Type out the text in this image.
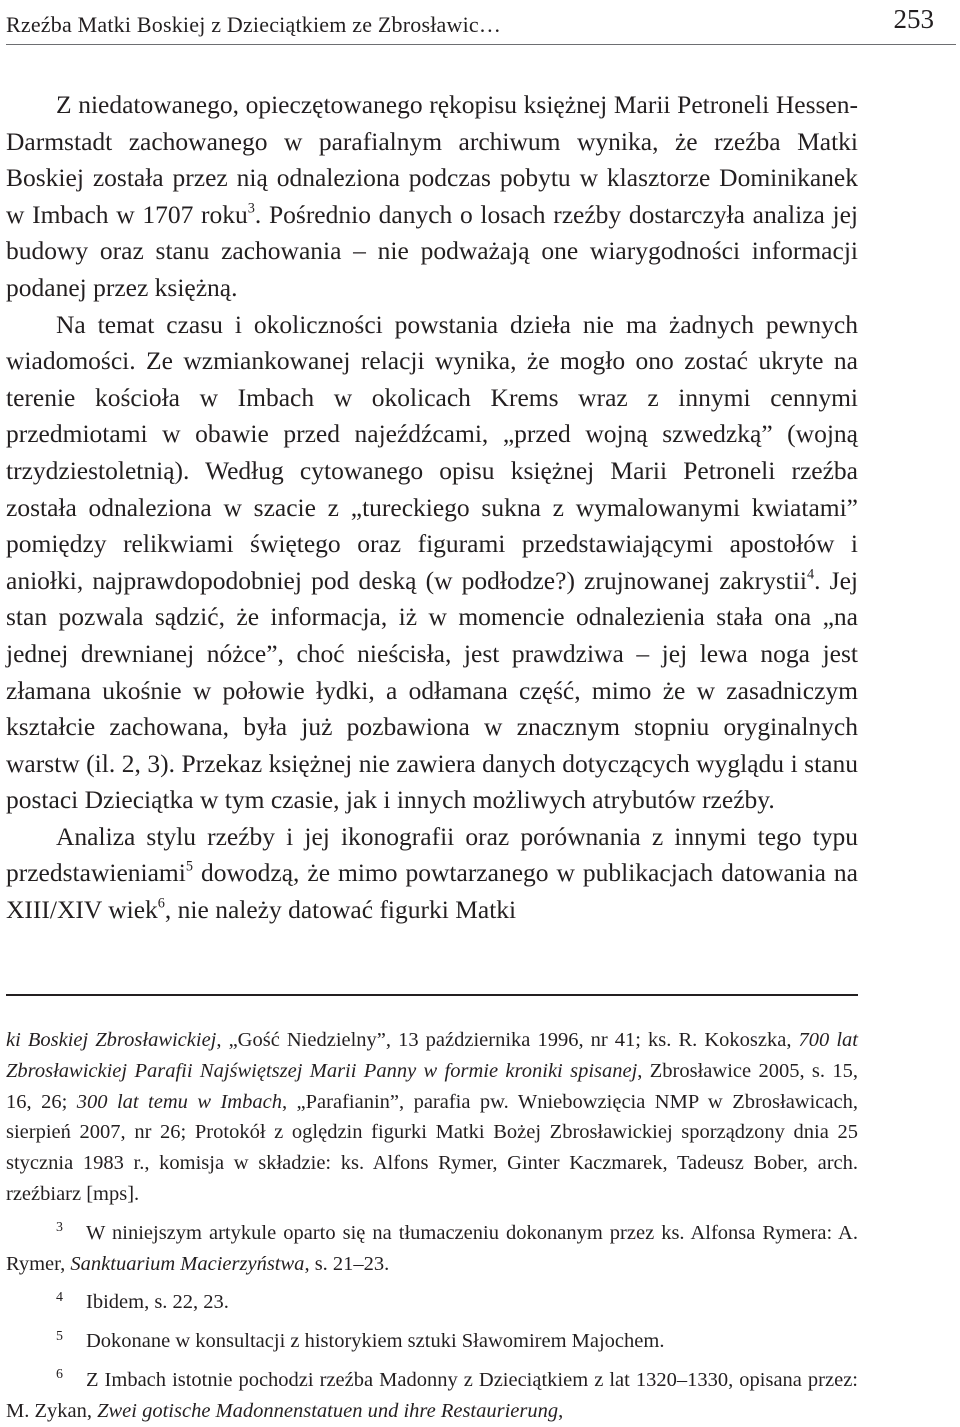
Rzeźba Matki Boskiej z Dzieciątkiem ze Zbrosławic…	253

Z niedatowanego, opieczętowanego rękopisu księżnej Marii Petroneli Hessen-Darmstadt zachowanego w parafialnym archiwum wynika, że rzeźba Matki Boskiej została przez nią odnaleziona podczas pobytu w klasztorze Dominikanek w Imbach w 1707 roku$^3$. Pośrednio danych o losach rzeźby dostarczyła analiza jej budowy oraz stanu zachowania – nie podważają one wiarygodności informacji podanej przez księżną.

Na temat czasu i okoliczności powstania dzieła nie ma żadnych pewnych wiadomości. Ze wzmiankowanej relacji wynika, że mogło ono zostać ukryte na terenie kościoła w Imbach w okolicach Krems wraz z innymi cennymi przedmiotami w obawie przed najeźdźcami, „przed wojną szwedzką” (wojną trzydziestoletnią). Według cytowanego opisu księżnej Marii Petroneli rzeźba została odnaleziona w szacie z „tureckiego sukna z wymalowanymi kwiatami” pomiędzy relikwiami świętego oraz figurami przedstawiającymi apostołów i aniołki, najprawdopodobniej pod deską (w podłodze?) zrujnowanej zakrystii$^4$. Jej stan pozwala sądzić, że informacja, iż w momencie odnalezienia stała ona „na jednej drewnianej nóżce”, choć nieścisła, jest prawdziwa – jej lewa noga jest złamana ukośnie w połowie łydki, a odłamana część, mimo że w zasadniczym kształcie zachowana, była już pozbawiona w znacznym stopniu oryginalnych warstw (il. 2, 3). Przekaz księżnej nie zawiera danych dotyczących wyglądu i stanu postaci Dzieciątka w tym czasie, jak i innych możliwych atrybutów rzeźby.

Analiza stylu rzeźby i jej ikonografii oraz porównania z innymi tego typu przedstawieniami$^5$ dowodzą, że mimo powtarzanego w publikacjach datowania na XIII/XIV wiek$^6$, nie należy datować figurki Matki

ki Boskiej Zbrosławickiej, „Gość Niedzielny”, 13 października 1996, nr 41; ks. R. Kokoszka, 700 lat Zbrosławickiej Parafii Najświętszej Marii Panny w formie kroniki spisanej, Zbrosławice 2005, s. 15, 16, 26; 300 lat temu w Imbach, „Parafianin”, parafia pw. Wniebowzięcia NMP w Zbrosławicach, sierpień 2007, nr 26; Protokół z oględzin figurki Matki Bożej Zbrosławickiej sporządzony dnia 25 stycznia 1983 r., komisja w składzie: ks. Alfons Rymer, Ginter Kaczmarek, Tadeusz Bober, arch. rzeźbiarz [mps].

3 W niniejszym artykule oparto się na tłumaczeniu dokonanym przez ks. Alfonsa Rymera: A. Rymer, Sanktuarium Macierzyństwa, s. 21–23.

4 Ibidem, s. 22, 23.

5 Dokonane w konsultacji z historykiem sztuki Sławomirem Majochem.

6 Z Imbach istotnie pochodzi rzeźba Madonny z Dzieciątkiem z lat 1320–1330, opisana przez: M. Zykan, Zwei gotische Madonnenstatuen und ihre Restaurierung,
